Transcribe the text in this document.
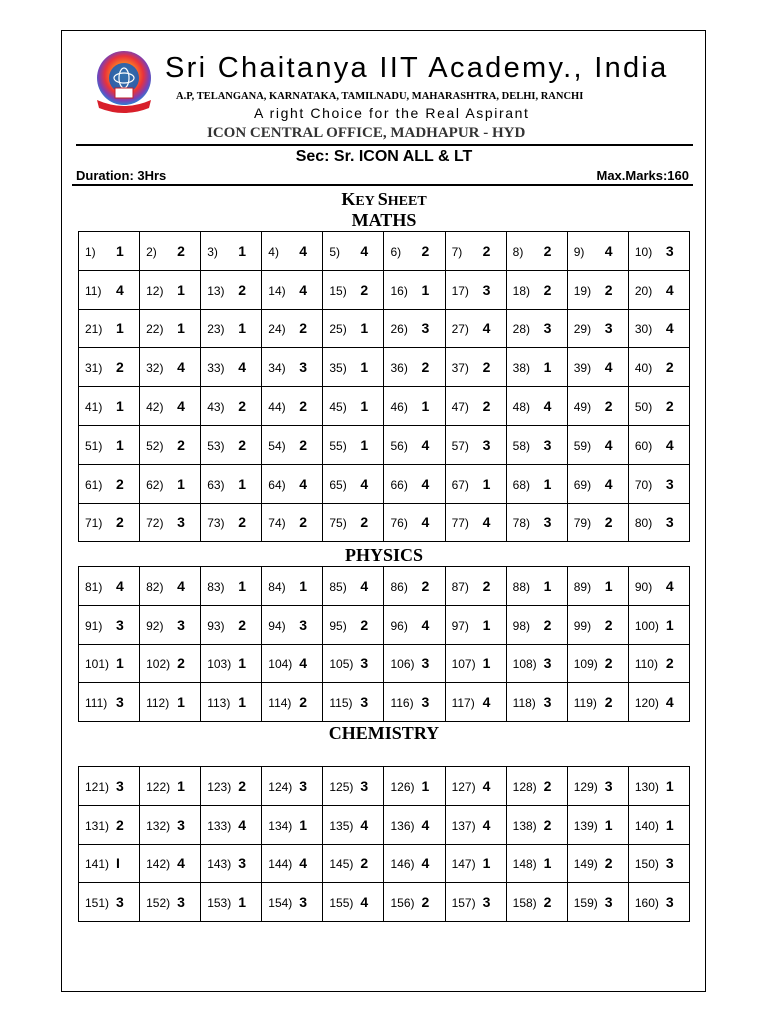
Sri Chaitanya IIT Academy., India
A.P, TELANGANA, KARNATAKA, TAMILNADU, MAHARASHTRA, DELHI, RANCHI
A right Choice for the Real Aspirant
ICON CENTRAL OFFICE, MADHAPUR - HYD
Sec: Sr. ICON ALL & LT
Duration: 3Hrs	Max.Marks:160
KEY SHEET
MATHS
1) 1	2) 2	3) 1	4) 4	5) 4	6) 2	7) 2	8) 2	9) 4	10) 3
11) 4	12) 1	13) 2	14) 4	15) 2	16) 1	17) 3	18) 2	19) 2	20) 4
21) 1	22) 1	23) 1	24) 2	25) 1	26) 3	27) 4	28) 3	29) 3	30) 4
31) 2	32) 4	33) 4	34) 3	35) 1	36) 2	37) 2	38) 1	39) 4	40) 2
41) 1	42) 4	43) 2	44) 2	45) 1	46) 1	47) 2	48) 4	49) 2	50) 2
51) 1	52) 2	53) 2	54) 2	55) 1	56) 4	57) 3	58) 3	59) 4	60) 4
61) 2	62) 1	63) 1	64) 4	65) 4	66) 4	67) 1	68) 1	69) 4	70) 3
71) 2	72) 3	73) 2	74) 2	75) 2	76) 4	77) 4	78) 3	79) 2	80) 3
PHYSICS
81) 4	82) 4	83) 1	84) 1	85) 4	86) 2	87) 2	88) 1	89) 1	90) 4
91) 3	92) 3	93) 2	94) 3	95) 2	96) 4	97) 1	98) 2	99) 2	100) 1
101) 1	102) 2	103) 1	104) 4	105) 3	106) 3	107) 1	108) 3	109) 2	110) 2
111) 3	112) 1	113) 1	114) 2	115) 3	116) 3	117) 4	118) 3	119) 2	120) 4
CHEMISTRY
121) 3	122) 1	123) 2	124) 3	125) 3	126) 1	127) 4	128) 2	129) 3	130) 1
131) 2	132) 3	133) 4	134) 1	135) 4	136) 4	137) 4	138) 2	139) 1	140) 1
141) I	142) 4	143) 3	144) 4	145) 2	146) 4	147) 1	148) 1	149) 2	150) 3
151) 3	152) 3	153) 1	154) 3	155) 4	156) 2	157) 3	158) 2	159) 3	160) 3
